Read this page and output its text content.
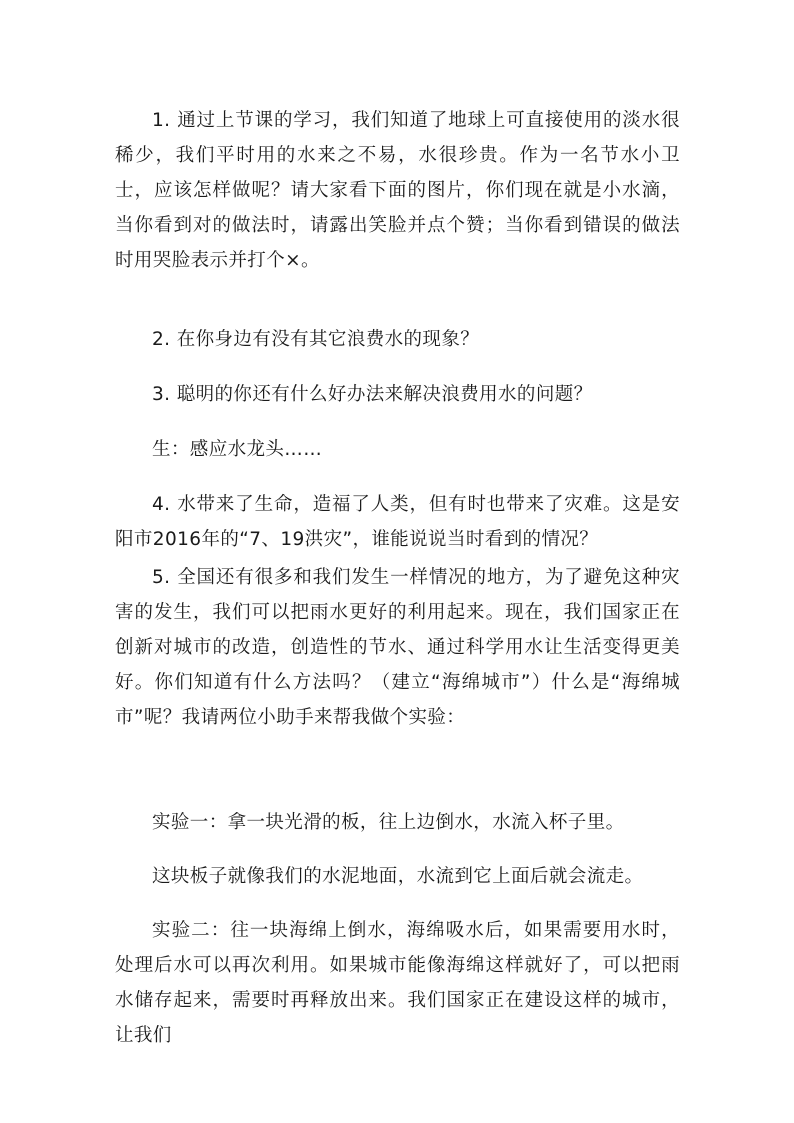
1. 通过上节课的学习，我们知道了地球上可直接使用的淡水很稀少，我们平时用的水来之不易，水很珍贵。作为一名节水小卫士，应该怎样做呢？请大家看下面的图片，你们现在就是小水滴，当你看到对的做法时，请露出笑脸并点个赞；当你看到错误的做法时用哭脸表示并打个×。

2. 在你身边有没有其它浪费水的现象？

3. 聪明的你还有什么好办法来解决浪费用水的问题？

生：感应水龙头……

4. 水带来了生命，造福了人类，但有时也带来了灾难。这是安阳市2016年的“7、19洪灾”，谁能说说当时看到的情况？

5. 全国还有很多和我们发生一样情况的地方，为了避免这种灾害的发生，我们可以把雨水更好的利用起来。现在，我们国家正在创新对城市的改造，创造性的节水、通过科学用水让生活变得更美好。你们知道有什么方法吗？（建立“海绵城市”）什么是“海绵城市”呢？我请两位小助手来帮我做个实验：

实验一：拿一块光滑的板，往上边倒水，水流入杯子里。

这块板子就像我们的水泥地面，水流到它上面后就会流走。

实验二：往一块海绵上倒水，海绵吸水后，如果需要用水时，处理后水可以再次利用。如果城市能像海绵这样就好了，可以把雨水储存起来，需要时再释放出来。我们国家正在建设这样的城市，让我们
